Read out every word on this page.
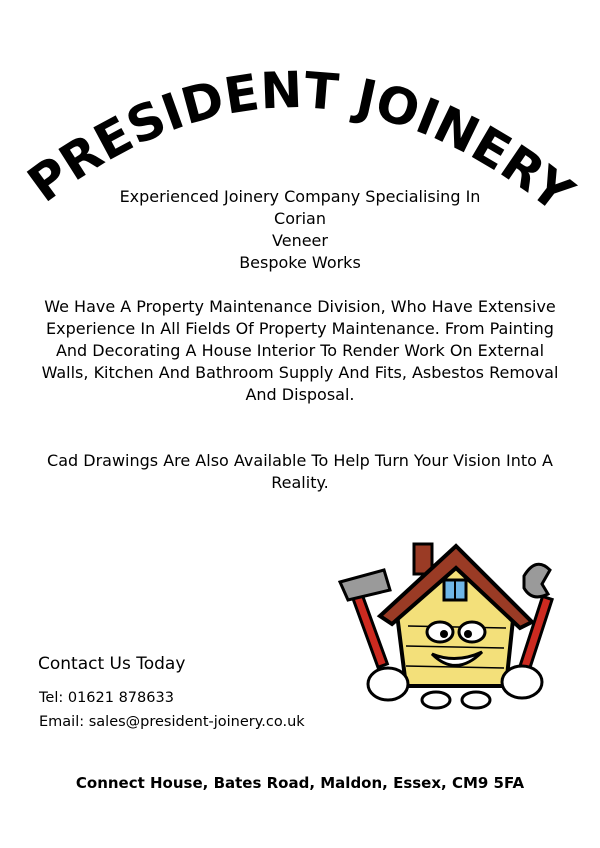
PRESIDENT JOINERY
Experienced Joinery Company Specialising In
Corian
Veneer
Bespoke Works

We Have A Property Maintenance Division, Who Have Extensive Experience In All Fields Of Property Maintenance. From Painting And Decorating A House Interior To Render Work On External Walls, Kitchen And Bathroom Supply And Fits, Asbestos Removal And Disposal.

Cad Drawings Are Also Available To Help Turn Your Vision Into A Reality.

Contact Us Today
Tel: 01621 878633
Email: sales@president-joinery.co.uk
Connect House, Bates Road, Maldon, Essex, CM9 5FA
